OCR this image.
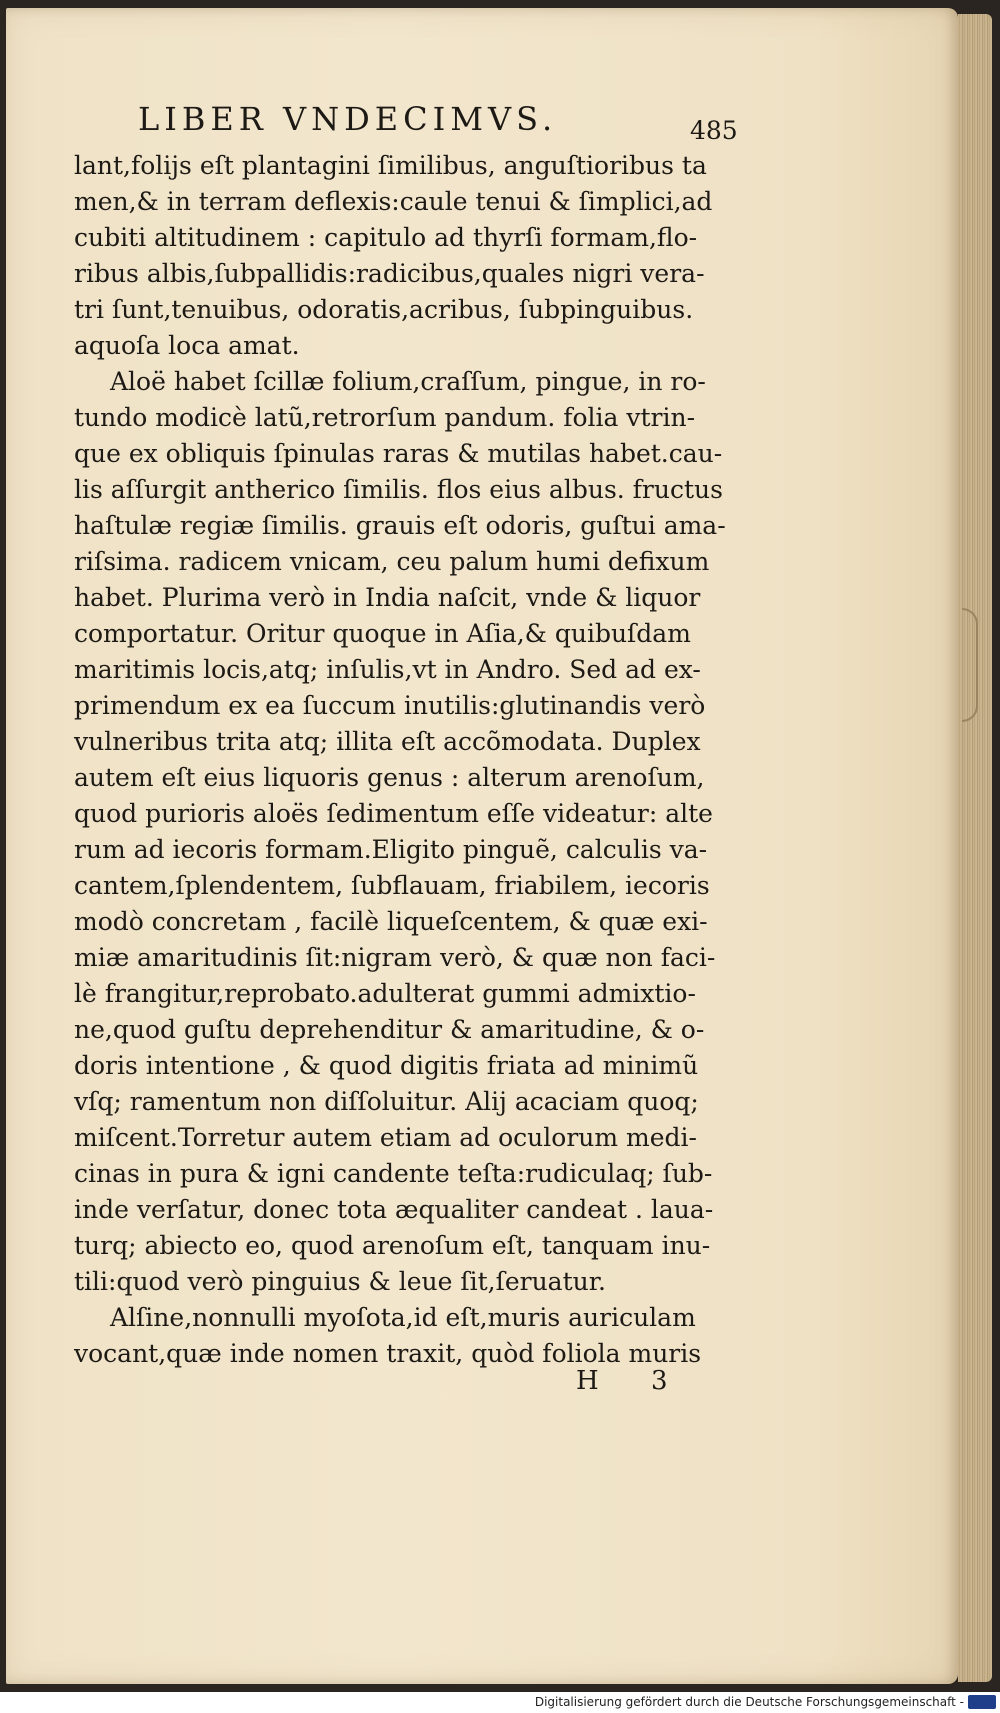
LIBER VNDECIMVS.	485
lant,folijs eſt plantagini ſimilibus, anguſtioribus ta
men,& in terram deflexis:caule tenui & ſimplici,ad
cubiti altitudinem : capitulo ad thyrſi formam,flo-
ribus albis,ſubpallidis:radicibus,quales nigri vera-
tri ſunt,tenuibus, odoratis,acribus, ſubpinguibus.
aquoſa loca amat.
Aloë habet ſcillæ folium,craſſum, pingue, in ro-
tundo modicè latũ,retrorſum pandum. folia vtrin-
que ex obliquis ſpinulas raras & mutilas habet.cau-
lis aſſurgit antherico ſimilis. flos eius albus. fructus
haſtulæ regiæ ſimilis. grauis eſt odoris, guſtui ama-
riſsima. radicem vnicam, ceu palum humi defixum
habet. Plurima verò in India naſcit, vnde & liquor
comportatur. Oritur quoque in Aſia,& quibuſdam
maritimis locis,atq; inſulis,vt in Andro. Sed ad ex-
primendum ex ea ſuccum inutilis:glutinandis verò
vulneribus trita atq; illita eſt accõmodata. Duplex
autem eſt eius liquoris genus : alterum arenoſum,
quod purioris aloës ſedimentum eſſe videatur: alte
rum ad iecoris formam.Eligito pinguẽ, calculis va-
cantem,ſplendentem, ſubflauam, friabilem, iecoris
modò concretam , facilè liqueſcentem, & quæ exi-
miæ amaritudinis ſit:nigram verò, & quæ non faci-
lè frangitur,reprobato.adulterat gummi admixtio-
ne,quod guſtu deprehenditur & amaritudine, & o-
doris intentione , & quod digitis friata ad minimũ
vſq; ramentum non diſſoluitur. Alij acaciam quoq;
miſcent.Torretur autem etiam ad oculorum medi-
cinas in pura & igni candente teſta:rudiculaq; ſub-
inde verſatur, donec tota æqualiter candeat . laua-
turq; abiecto eo, quod arenoſum eſt, tanquam inu-
tili:quod verò pinguius & leue ſit,ſeruatur.
Alſine,nonnulli myoſota,id eſt,muris auriculam
vocant,quæ inde nomen traxit, quòd foliola muris
H 3
Digitalisierung gefördert durch die Deutsche Forschungsgemeinschaft -
